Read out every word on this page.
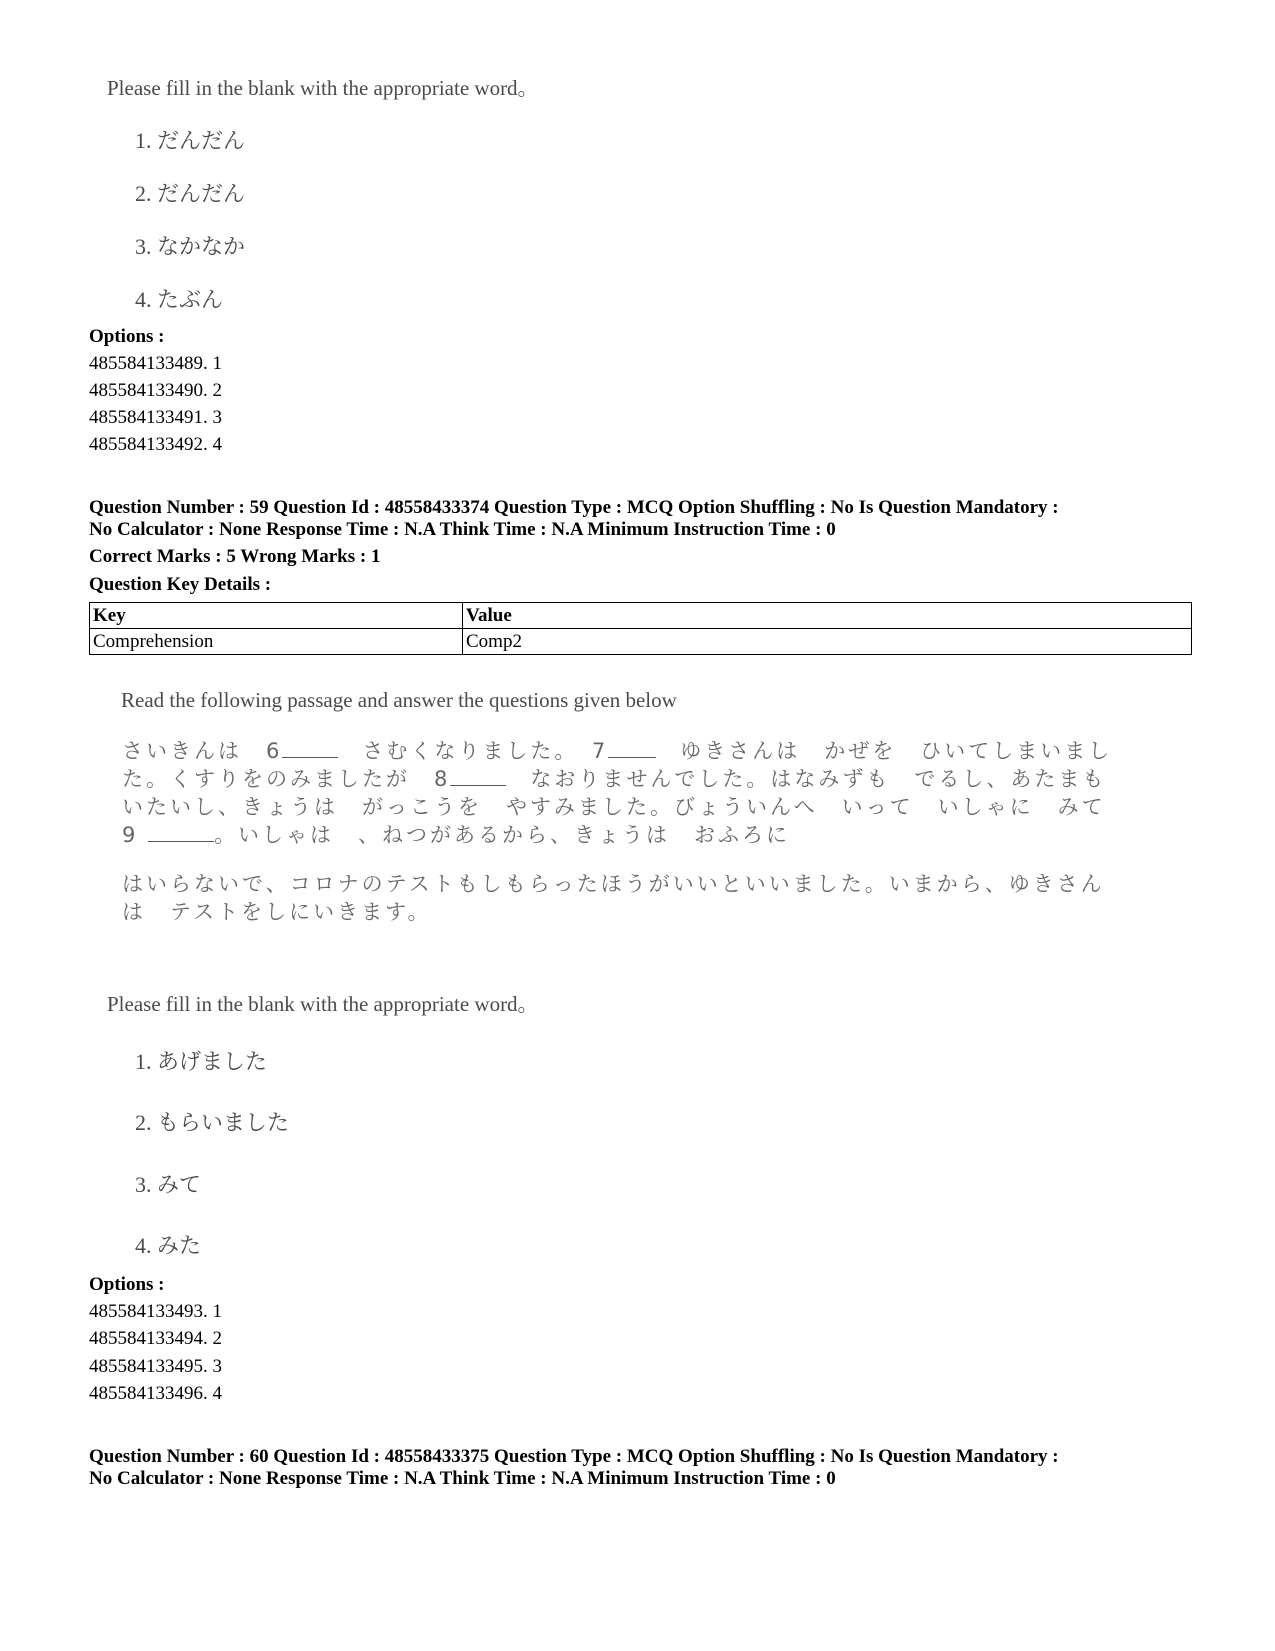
Please fill in the blank with the appropriate word。
1. だんだん
2. だんだん
3. なかなか
4. たぶん
Options :
485584133489. 1
485584133490. 2
485584133491. 3
485584133492. 4
Question Number : 59 Question Id : 48558433374 Question Type : MCQ Option Shuffling : No Is Question Mandatory :
No Calculator : None Response Time : N.A Think Time : N.A Minimum Instruction Time : 0
Correct Marks : 5 Wrong Marks : 1
Question Key Details :
Key	Value
Comprehension	Comp2
Read the following passage and answer the questions given below
さいきんは　6	　さむくなりました。　7　ゆきさんは　かぜを　ひいてしまいまし
た。くすりをのみましたが　8	　なおりませんでした。はなみずも　でるし、あたまも
いたいし、きょうは　がっこうを　やすみました。びょういんへ　いって　いしゃに　みて
9	。いしゃは　、ねつがあるから、きょうは　おふろに
はいらないで、コロナのテストもしもらったほうがいいといいました。いまから、ゆきさん
は　テストをしにいきます。
Please fill in the blank with the appropriate word。
1. あげました
2. もらいました
3. みて
4. みた
Options :
485584133493. 1
485584133494. 2
485584133495. 3
485584133496. 4
Question Number : 60 Question Id : 48558433375 Question Type : MCQ Option Shuffling : No Is Question Mandatory :
No Calculator : None Response Time : N.A Think Time : N.A Minimum Instruction Time : 0
